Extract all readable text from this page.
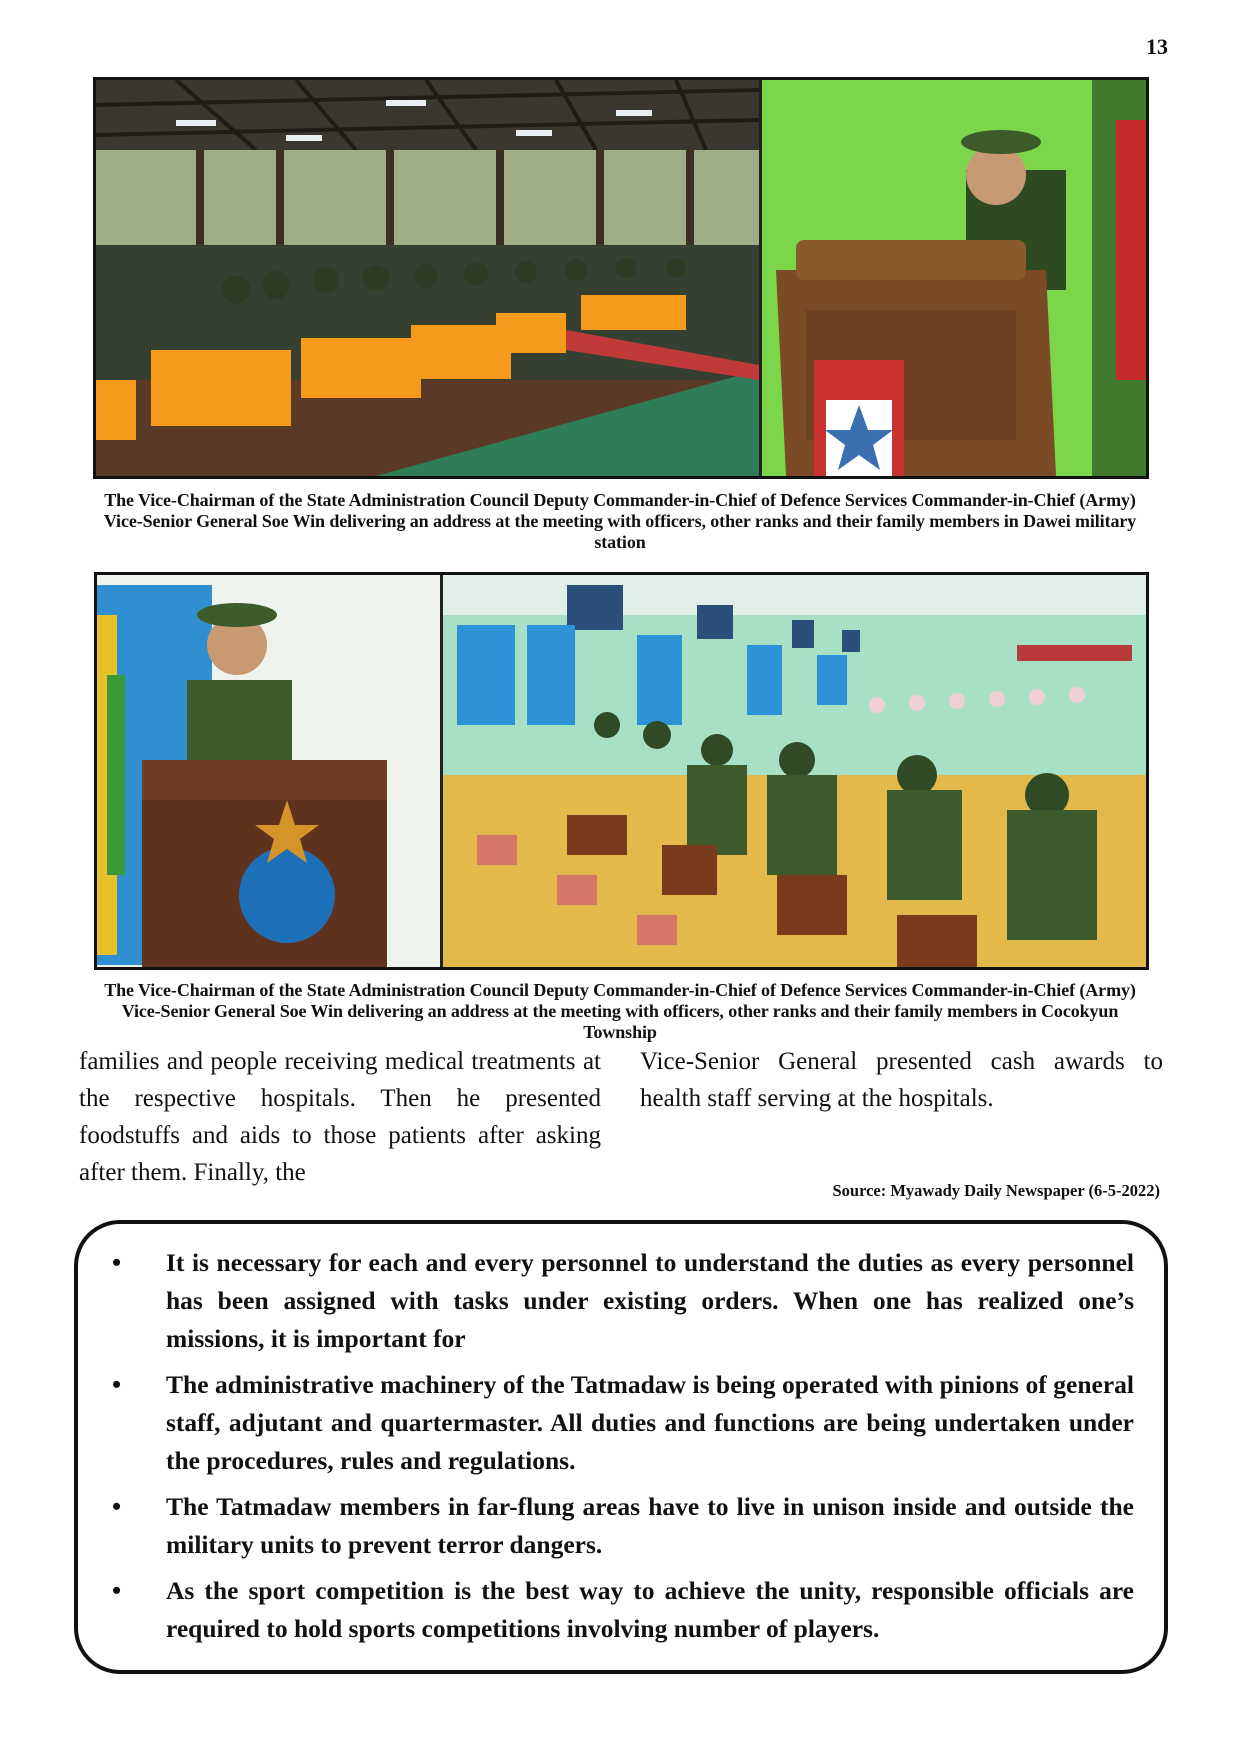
13
The Vice-Chairman of the State Administration Council Deputy Commander-in-Chief of Defence Services Commander-in-Chief (Army) Vice-Senior General Soe Win delivering an address at the meeting with officers, other ranks and their family members in Dawei military station
The Vice-Chairman of the State Administration Council Deputy Commander-in-Chief of Defence Services Commander-in-Chief (Army) Vice-Senior General Soe Win delivering an address at the meeting with officers, other ranks and their family members in Cocokyun Township
families and people receiving medical treatments at the respective hospitals. Then he presented foodstuffs and aids to those patients after asking after them. Finally, the
Vice-Senior General presented cash awards to health staff serving at the hospitals.
Source: Myawady Daily Newspaper (6-5-2022)
• It is necessary for each and every personnel to understand the duties as every personnel has been assigned with tasks under existing orders. When one has realized one’s missions, it is important for
• The administrative machinery of the Tatmadaw is being operated with pinions of general staff, adjutant and quartermaster. All duties and functions are being undertaken under the procedures, rules and regulations.
• The Tatmadaw members in far-flung areas have to live in unison inside and outside the military units to prevent terror dangers.
• As the sport competition is the best way to achieve the unity, responsible officials are required to hold sports competitions involving number of players.
